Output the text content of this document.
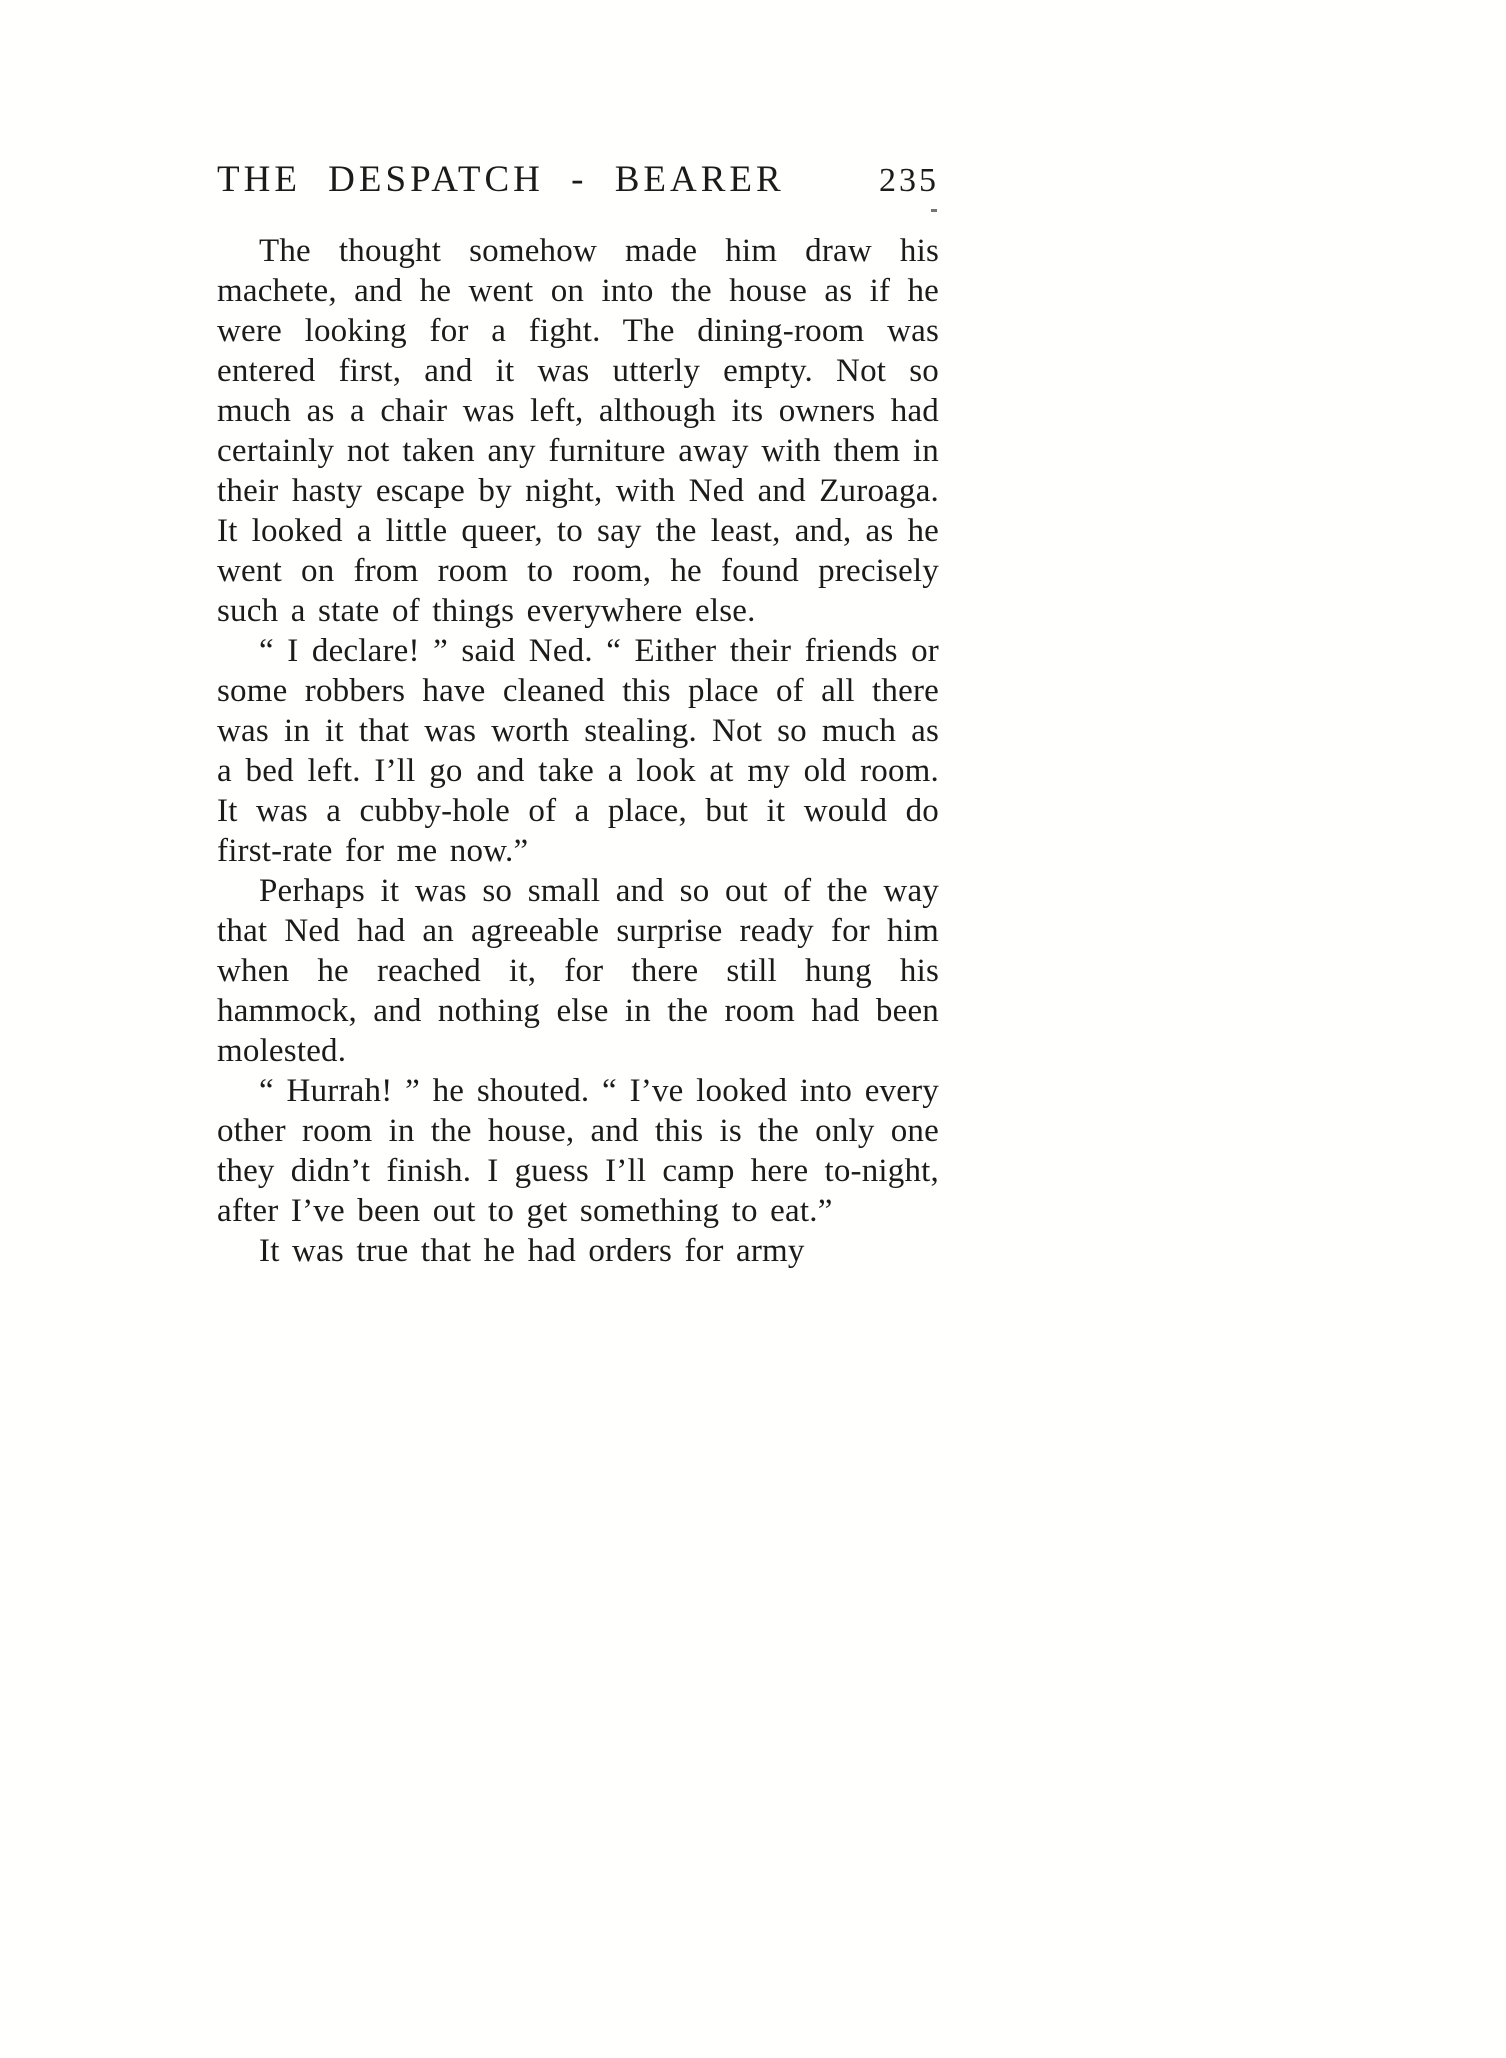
THE DESPATCH - BEARER	235

The thought somehow made him draw his machete, and he went on into the house as if he were looking for a fight. The dining-room was entered first, and it was utterly empty. Not so much as a chair was left, although its owners had certainly not taken any furniture away with them in their hasty escape by night, with Ned and Zuroaga. It looked a little queer, to say the least, and, as he went on from room to room, he found precisely such a state of things everywhere else.

“ I declare! ” said Ned. “ Either their friends or some robbers have cleaned this place of all there was in it that was worth stealing. Not so much as a bed left. I’ll go and take a look at my old room. It was a cubby-hole of a place, but it would do first-rate for me now.”

Perhaps it was so small and so out of the way that Ned had an agreeable surprise ready for him when he reached it, for there still hung his hammock, and nothing else in the room had been molested.

“ Hurrah! ” he shouted. “ I’ve looked into every other room in the house, and this is the only one they didn’t finish. I guess I’ll camp here to-night, after I’ve been out to get something to eat.”

It was true that he had orders for army
